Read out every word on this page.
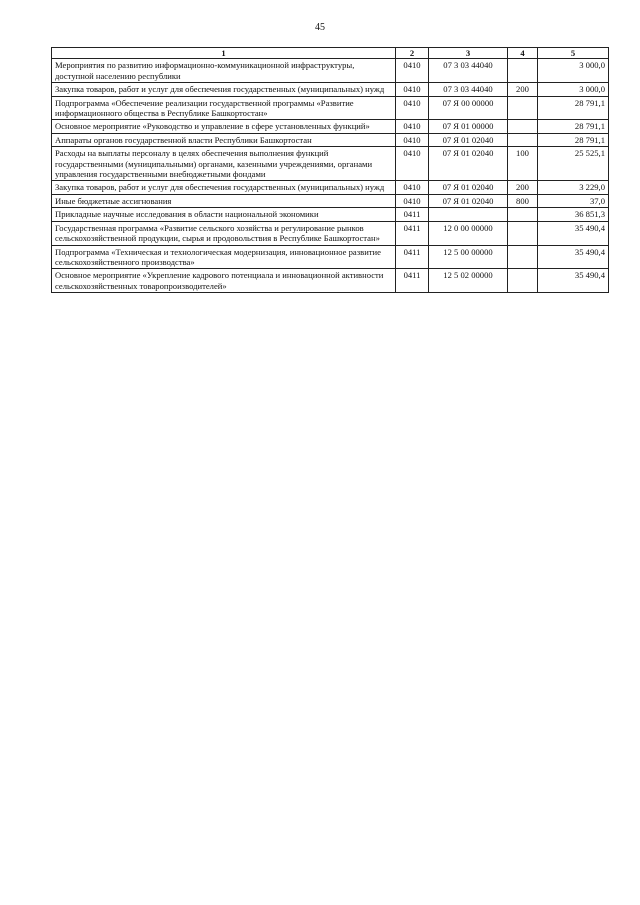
45
1	2	3	4	5
Мероприятия по развитию информационно-коммуникационной инфраструктуры, доступной населению республики	0410	07 3 03 44040		3 000,0
Закупка товаров, работ и услуг для обеспечения государственных (муниципальных) нужд	0410	07 3 03 44040	200	3 000,0
Подпрограмма «Обеспечение реализации государственной программы «Развитие информационного общества в Республике Башкортостан»	0410	07 Я 00 00000		28 791,1
Основное мероприятие «Руководство и управление в сфере установленных функций»	0410	07 Я 01 00000		28 791,1
Аппараты органов государственной власти Республики Башкортостан	0410	07 Я 01 02040		28 791,1
Расходы на выплаты персоналу в целях обеспечения выполнения функций государственными (муниципальными) органами, казенными учреждениями, органами управления государственными внебюджетными фондами	0410	07 Я 01 02040	100	25 525,1
Закупка товаров, работ и услуг для обеспечения государственных (муниципальных) нужд	0410	07 Я 01 02040	200	3 229,0
Иные бюджетные ассигнования	0410	07 Я 01 02040	800	37,0
Прикладные научные исследования в области национальной экономики	0411			36 851,3
Государственная программа «Развитие сельского хозяйства и регулирование рынков сельскохозяйственной продукции, сырья и продовольствия в Республике Башкортостан»	0411	12 0 00 00000		35 490,4
Подпрограмма «Техническая и технологическая модернизация, инновационное развитие сельскохозяйственного производства»	0411	12 5 00 00000		35 490,4
Основное мероприятие «Укрепление кадрового потенциала и инновационной активности сельскохозяйственных товаропроизводителей»	0411	12 5 02 00000		35 490,4
